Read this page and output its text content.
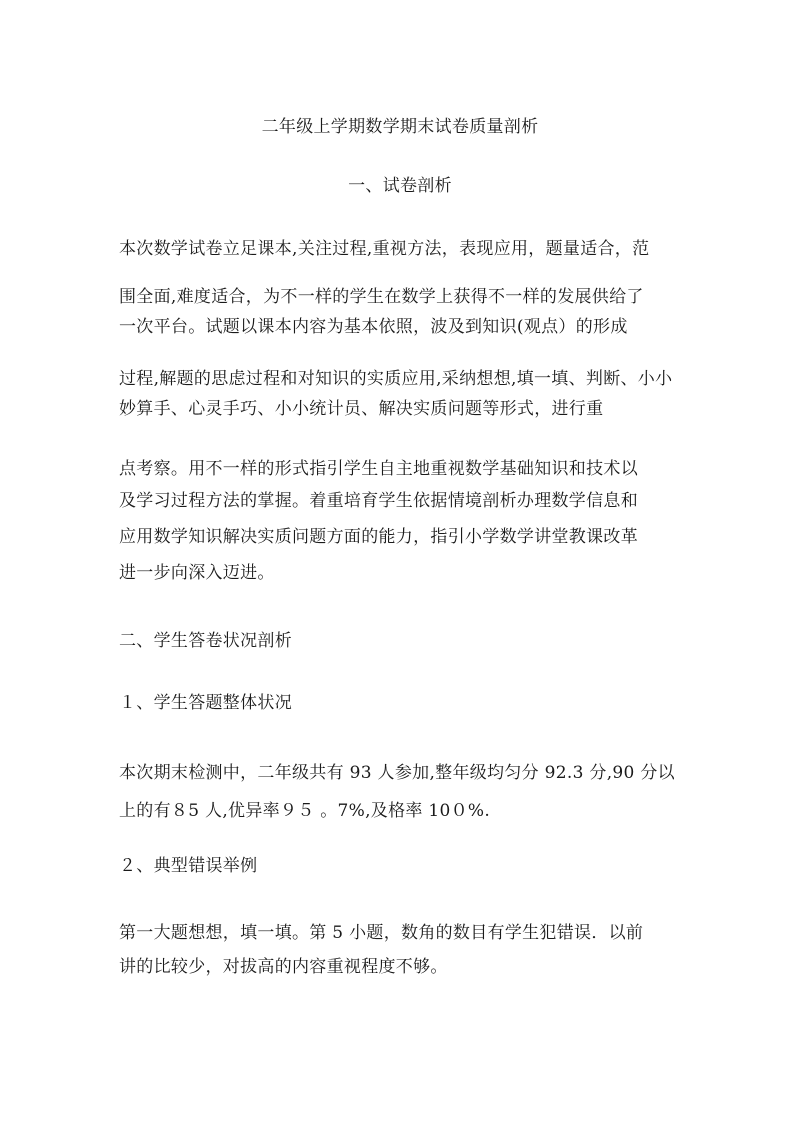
二年级上学期数学期末试卷质量剖析
一、试卷剖析
本次数学试卷立足课本,关注过程,重视方法，表现应用，题量适合，范
围全面,难度适合，为不一样的学生在数学上获得不一样的发展供给了
一次平台。试题以课本内容为基本依照，波及到知识(观点）的形成
过程,解题的思虑过程和对知识的实质应用,采纳想想,填一填、判断、小小
妙算手、心灵手巧、小小统计员、解决实质问题等形式，进行重
点考察。用不一样的形式指引学生自主地重视数学基础知识和技术以
及学习过程方法的掌握。着重培育学生依据情境剖析办理数学信息和
应用数学知识解决实质问题方面的能力，指引小学数学讲堂教课改革
进一步向深入迈进。
二、学生答卷状况剖析
１、学生答题整体状况
本次期末检测中，二年级共有 93 人参加,整年级均匀分 92.3 分,90 分以
上的有８5 人,优异率９５ 。7%,及格率 10０%.
２、典型错误举例
第一大题想想，填一填。第 5 小题，数角的数目有学生犯错误．以前
讲的比较少，对拔高的内容重视程度不够。
